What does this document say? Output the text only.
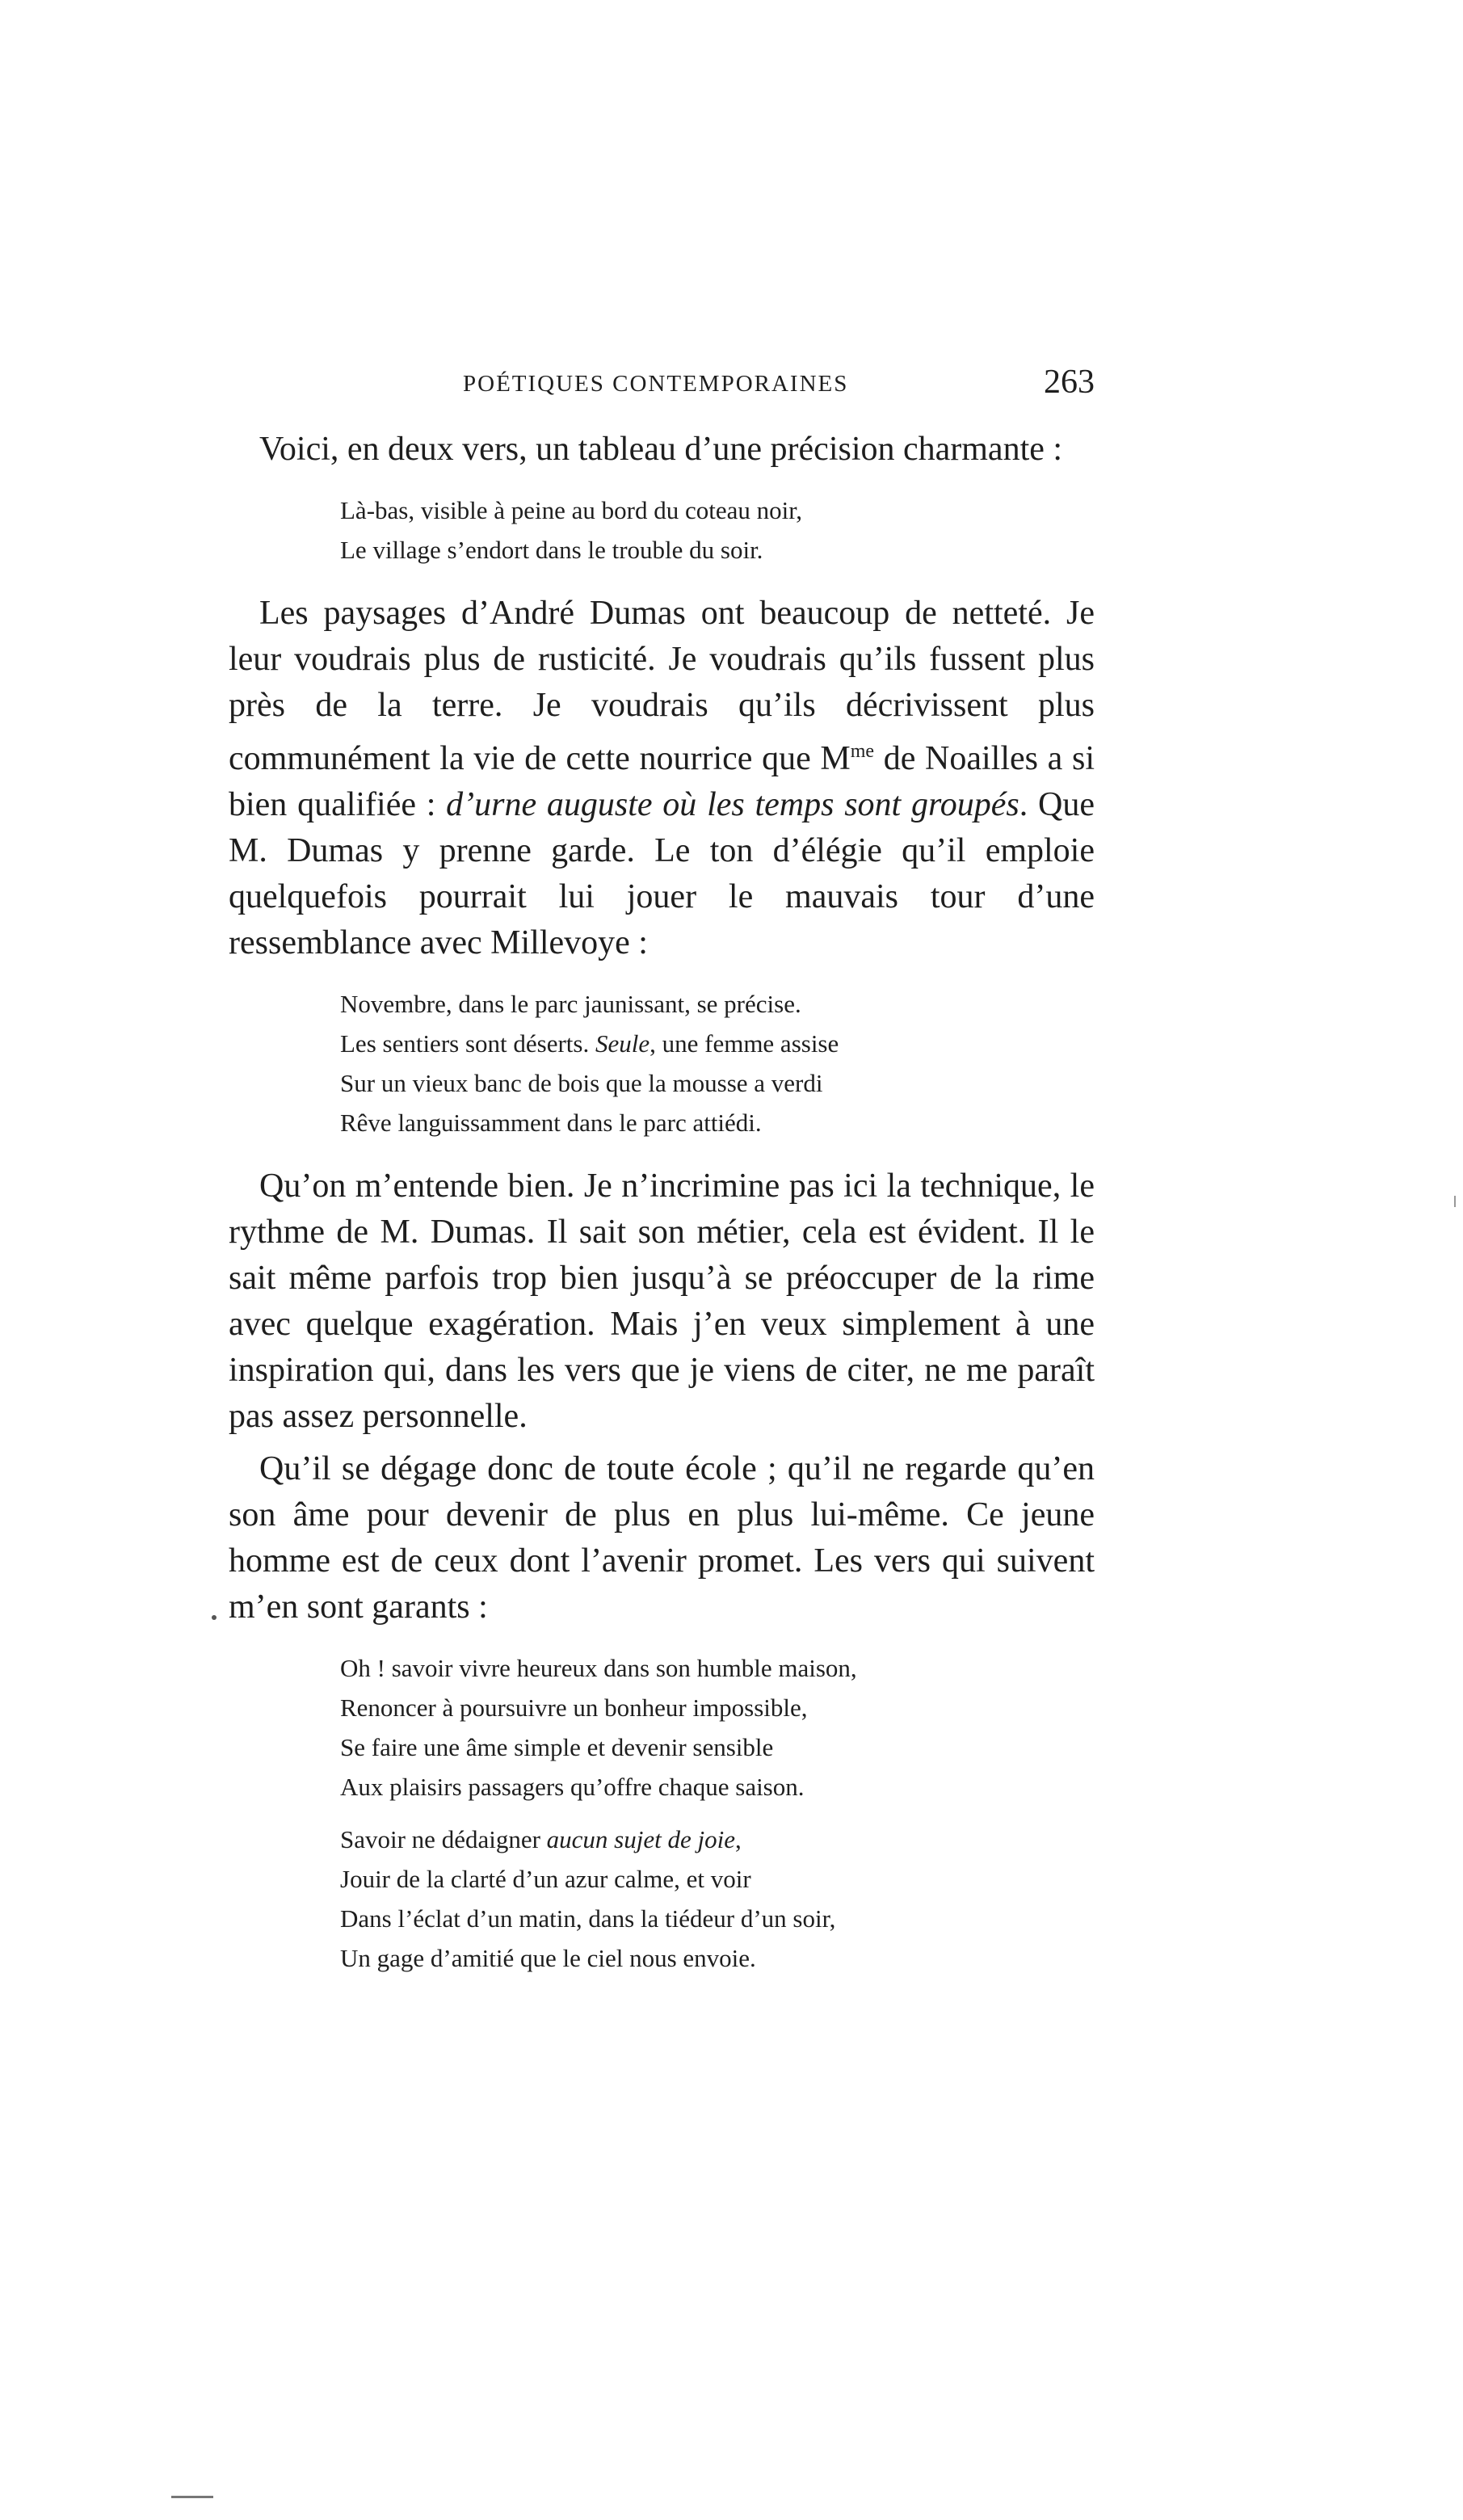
POÉTIQUES CONTEMPORAINES	263

Voici, en deux vers, un tableau d’une précision charmante :

Là-bas, visible à peine au bord du coteau noir,
Le village s’endort dans le trouble du soir.

Les paysages d’André Dumas ont beaucoup de netteté. Je leur voudrais plus de rusticité. Je voudrais qu’ils fussent plus près de la terre. Je voudrais qu’ils décrivissent plus communément la vie de cette nourrice que $M^{me}$ de Noailles a si bien qualifiée : d’urne auguste où les temps sont groupés. Que M. Dumas y prenne garde. Le ton d’élégie qu’il emploie quelquefois pourrait lui jouer le mauvais tour d’une ressemblance avec Millevoye :

Novembre, dans le parc jaunissant, se précise.
Les sentiers sont déserts. Seule, une femme assise
Sur un vieux banc de bois que la mousse a verdi
Rêve languissamment dans le parc attiédi.

Qu’on m’entende bien. Je n’incrimine pas ici la technique, le rythme de M. Dumas. Il sait son métier, cela est évident. Il le sait même parfois trop bien jusqu’à se préoccuper de la rime avec quelque exagération. Mais j’en veux simplement à une inspiration qui, dans les vers que je viens de citer, ne me paraît pas assez personnelle.

Qu’il se dégage donc de toute école ; qu’il ne regarde qu’en son âme pour devenir de plus en plus lui-même. Ce jeune homme est de ceux dont l’avenir promet. Les vers qui suivent m’en sont garants :

Oh ! savoir vivre heureux dans son humble maison,
Renoncer à poursuivre un bonheur impossible,
Se faire une âme simple et devenir sensible
Aux plaisirs passagers qu’offre chaque saison.
Savoir ne dédaigner aucun sujet de joie,
Jouir de la clarté d’un azur calme, et voir
Dans l’éclat d’un matin, dans la tiédeur d’un soir,
Un gage d’amitié que le ciel nous envoie.
